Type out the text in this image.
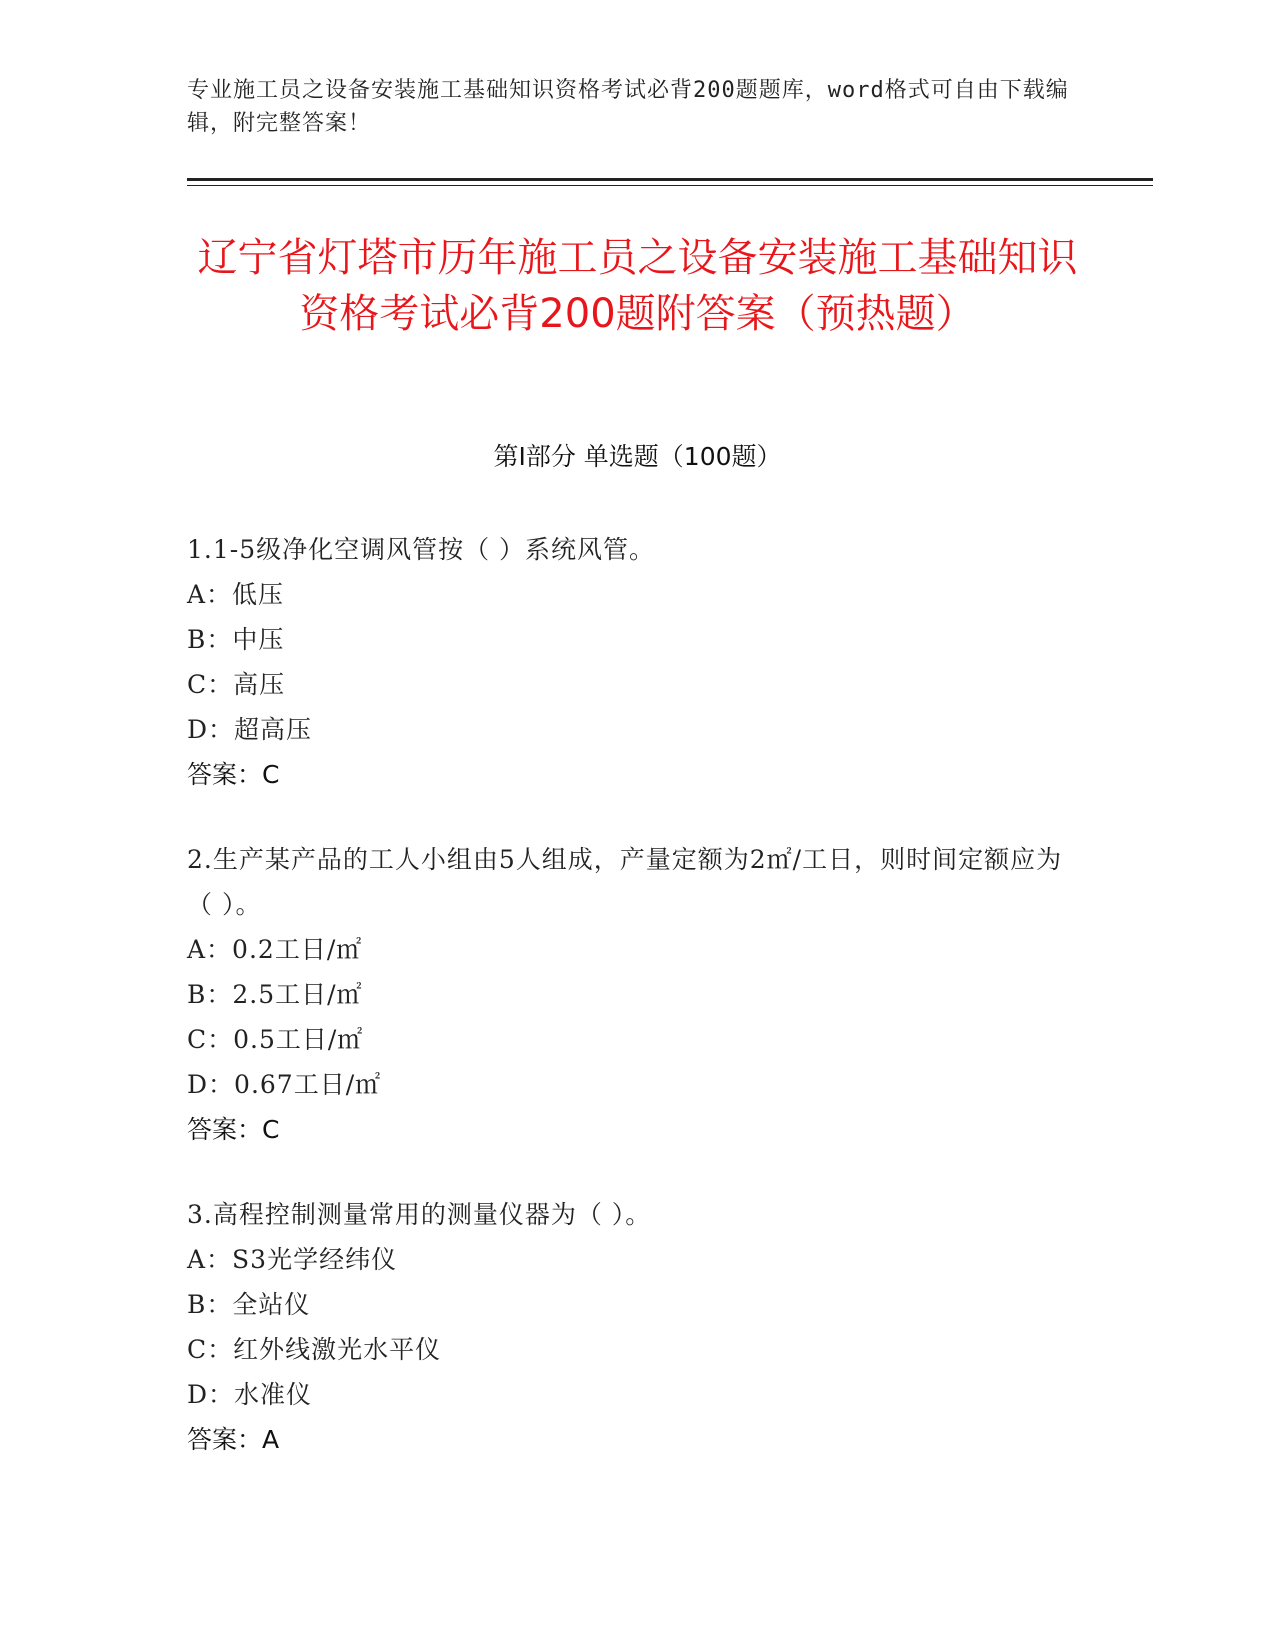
专业施工员之设备安装施工基础知识资格考试必背200题题库，word格式可自由下载编辑，附完整答案！
辽宁省灯塔市历年施工员之设备安装施工基础知识资格考试必背200题附答案（预热题）
第Ⅰ部分 单选题（100题）
1.1-5级净化空调风管按（ ）系统风管。
A：低压
B：中压
C：高压
D：超高压
答案：C
2.生产某产品的工人小组由5人组成，产量定额为2㎡/工日，则时间定额应为（ ）。
A：0.2工日/㎡
B：2.5工日/㎡
C：0.5工日/㎡
D：0.67工日/㎡
答案：C
3.高程控制测量常用的测量仪器为（ ）。
A：S3光学经纬仪
B：全站仪
C：红外线激光水平仪
D：水准仪
答案：A
